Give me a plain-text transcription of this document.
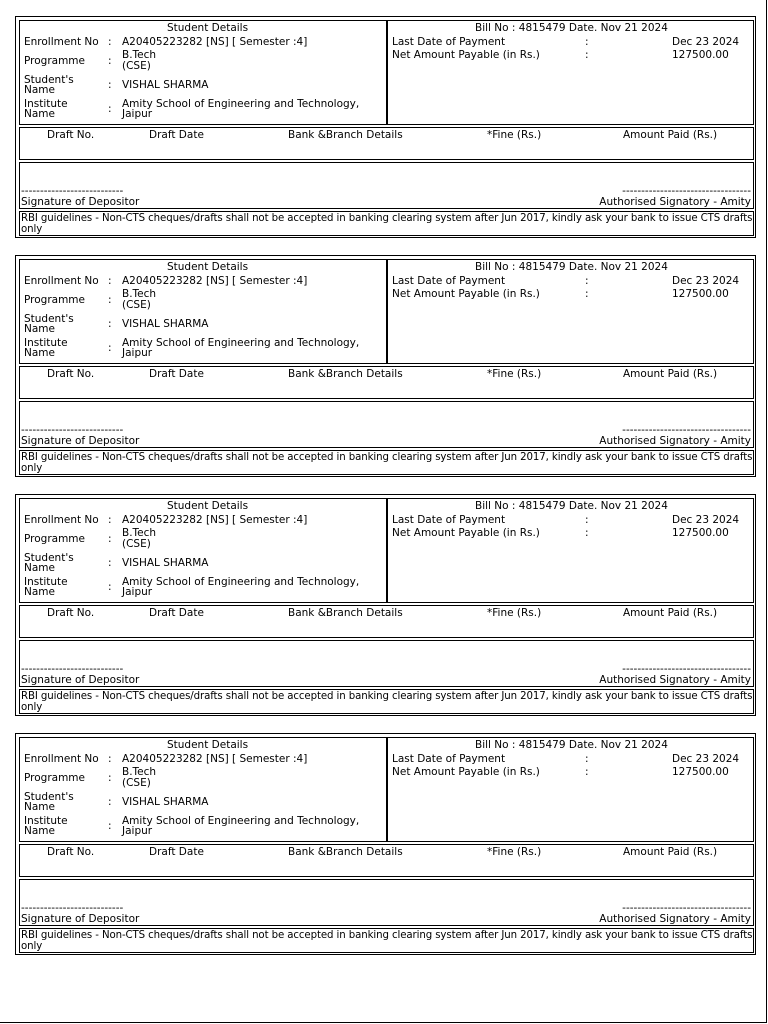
Student Details
Enrollment No : A20405223282 [NS] [ Semester :4]
Programme : B.Tech
(CSE)
Student's
Name	: VISHAL SHARMA
Institute
Name	: Amity School of Engineering and Technology,
Jaipur
Bill No : 4815479 Date. Nov 21 2024
Last Date of Payment	:	Dec 23 2024
Net Amount Payable (in Rs.)	:	127500.00
Draft No.	Draft Date	Bank &Branch Details	*Fine (Rs.)	Amount Paid (Rs.)
---------------------------
Signature of Depositor
----------------------------------
Authorised Signatory - Amity
RBI guidelines - Non-CTS cheques/drafts shall not be accepted in banking clearing system after Jun 2017, kindly ask your bank to issue CTS drafts only
Student Details
Enrollment No : A20405223282 [NS] [ Semester :4]
Programme : B.Tech
(CSE)
Student's
Name	: VISHAL SHARMA
Institute
Name	: Amity School of Engineering and Technology,
Jaipur
Bill No : 4815479 Date. Nov 21 2024
Last Date of Payment	:	Dec 23 2024
Net Amount Payable (in Rs.)	:	127500.00
Draft No.	Draft Date	Bank &Branch Details	*Fine (Rs.)	Amount Paid (Rs.)
---------------------------
Signature of Depositor
----------------------------------
Authorised Signatory - Amity
RBI guidelines - Non-CTS cheques/drafts shall not be accepted in banking clearing system after Jun 2017, kindly ask your bank to issue CTS drafts only
Student Details
Enrollment No : A20405223282 [NS] [ Semester :4]
Programme : B.Tech
(CSE)
Student's
Name	: VISHAL SHARMA
Institute
Name	: Amity School of Engineering and Technology,
Jaipur
Bill No : 4815479 Date. Nov 21 2024
Last Date of Payment	:	Dec 23 2024
Net Amount Payable (in Rs.)	:	127500.00
Draft No.	Draft Date	Bank &Branch Details	*Fine (Rs.)	Amount Paid (Rs.)
---------------------------
Signature of Depositor
----------------------------------
Authorised Signatory - Amity
RBI guidelines - Non-CTS cheques/drafts shall not be accepted in banking clearing system after Jun 2017, kindly ask your bank to issue CTS drafts only
Student Details
Enrollment No : A20405223282 [NS] [ Semester :4]
Programme : B.Tech
(CSE)
Student's
Name	: VISHAL SHARMA
Institute
Name	: Amity School of Engineering and Technology,
Jaipur
Bill No : 4815479 Date. Nov 21 2024
Last Date of Payment	:	Dec 23 2024
Net Amount Payable (in Rs.)	:	127500.00
Draft No.	Draft Date	Bank &Branch Details	*Fine (Rs.)	Amount Paid (Rs.)
---------------------------
Signature of Depositor
----------------------------------
Authorised Signatory - Amity
RBI guidelines - Non-CTS cheques/drafts shall not be accepted in banking clearing system after Jun 2017, kindly ask your bank to issue CTS drafts only
